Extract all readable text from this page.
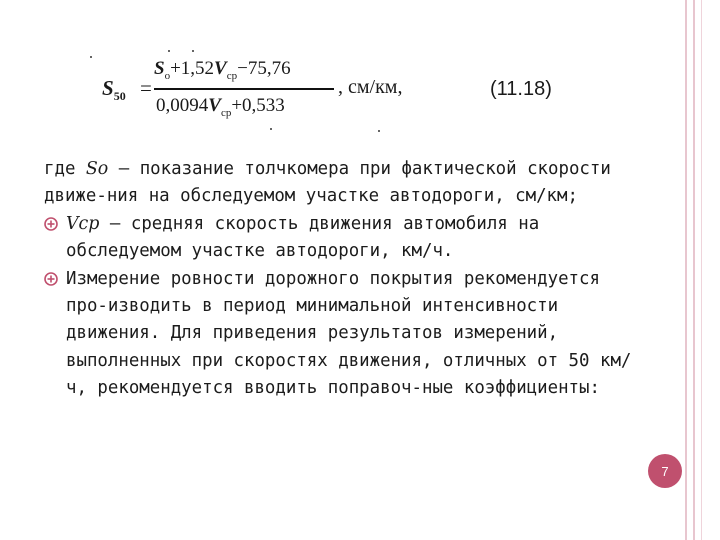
$S_{50}$ =
$S_o+1,52V_{ср}-75,76$
$0,0094V_{ср}+0,533$
, см/км,	(11.18)

где So — показание толчкомера при фактической скорости движе-ния на обследуемом участке автодороги, см/км;

Vcp — средняя скорость движения автомобиля на обследуемом участке автодороги, км/ч.

Измерение ровности дорожного покрытия рекомендуется про-изводить в период минимальной интенсивности движения. Для приведения результатов измерений, выполненных при скоростях движения, отличных от 50 км/ч, рекомендуется вводить поправоч-ные коэффициенты:

7
